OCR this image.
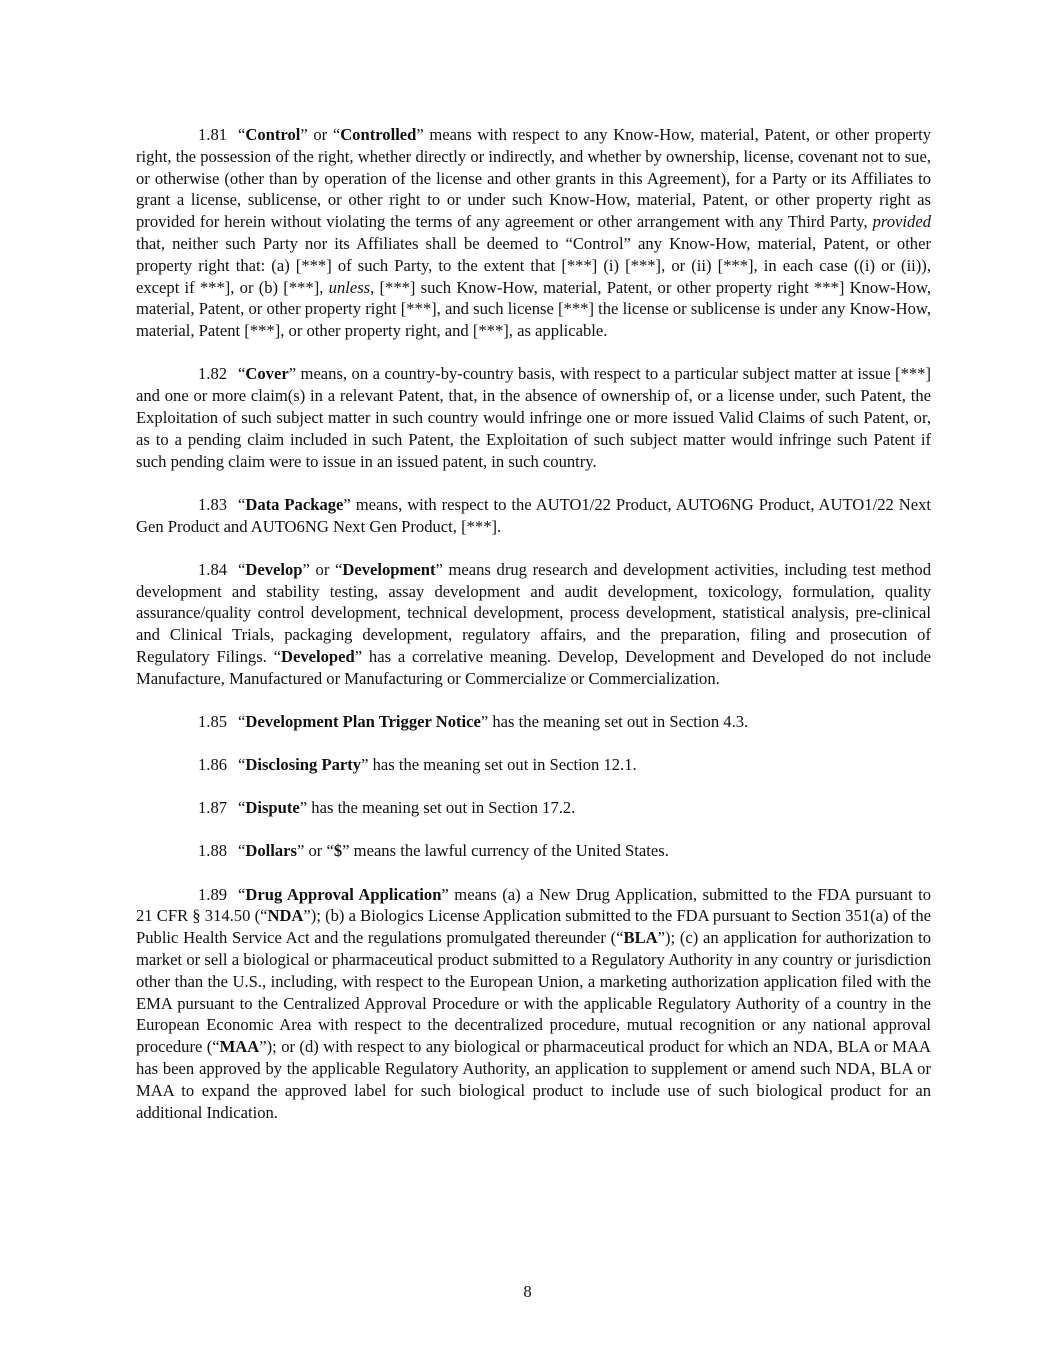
1.81 “Control” or “Controlled” means with respect to any Know-How, material, Patent, or other property right, the possession of the right, whether directly or indirectly, and whether by ownership, license, covenant not to sue, or otherwise (other than by operation of the license and other grants in this Agreement), for a Party or its Affiliates to grant a license, sublicense, or other right to or under such Know-How, material, Patent, or other property right as provided for herein without violating the terms of any agreement or other arrangement with any Third Party, provided that, neither such Party nor its Affiliates shall be deemed to “Control” any Know-How, material, Patent, or other property right that: (a) [***] of such Party, to the extent that [***] (i) [***], or (ii) [***], in each case ((i) or (ii)), except if ***], or (b) [***], unless, [***] such Know-How, material, Patent, or other property right ***] Know-How, material, Patent, or other property right [***], and such license [***] the license or sublicense is under any Know-How, material, Patent [***], or other property right, and [***], as applicable.

1.82 “Cover” means, on a country-by-country basis, with respect to a particular subject matter at issue [***] and one or more claim(s) in a relevant Patent, that, in the absence of ownership of, or a license under, such Patent, the Exploitation of such subject matter in such country would infringe one or more issued Valid Claims of such Patent, or, as to a pending claim included in such Patent, the Exploitation of such subject matter would infringe such Patent if such pending claim were to issue in an issued patent, in such country.

1.83 “Data Package” means, with respect to the AUTO1/22 Product, AUTO6NG Product, AUTO1/22 Next Gen Product and AUTO6NG Next Gen Product, [***].

1.84 “Develop” or “Development” means drug research and development activities, including test method development and stability testing, assay development and audit development, toxicology, formulation, quality assurance/quality control development, technical development, process development, statistical analysis, pre-clinical and Clinical Trials, packaging development, regulatory affairs, and the preparation, filing and prosecution of Regulatory Filings. “Developed” has a correlative meaning. Develop, Development and Developed do not include Manufacture, Manufactured or Manufacturing or Commercialize or Commercialization.

1.85 “Development Plan Trigger Notice” has the meaning set out in Section 4.3.

1.86 “Disclosing Party” has the meaning set out in Section 12.1.

1.87 “Dispute” has the meaning set out in Section 17.2.

1.88 “Dollars” or “$” means the lawful currency of the United States.

1.89 “Drug Approval Application” means (a) a New Drug Application, submitted to the FDA pursuant to 21 CFR § 314.50 (“NDA”); (b) a Biologics License Application submitted to the FDA pursuant to Section 351(a) of the Public Health Service Act and the regulations promulgated thereunder (“BLA”); (c) an application for authorization to market or sell a biological or pharmaceutical product submitted to a Regulatory Authority in any country or jurisdiction other than the U.S., including, with respect to the European Union, a marketing authorization application filed with the EMA pursuant to the Centralized Approval Procedure or with the applicable Regulatory Authority of a country in the European Economic Area with respect to the decentralized procedure, mutual recognition or any national approval procedure (“MAA”); or (d) with respect to any biological or pharmaceutical product for which an NDA, BLA or MAA has been approved by the applicable Regulatory Authority, an application to supplement or amend such NDA, BLA or MAA to expand the approved label for such biological product to include use of such biological product for an additional Indication.

8
